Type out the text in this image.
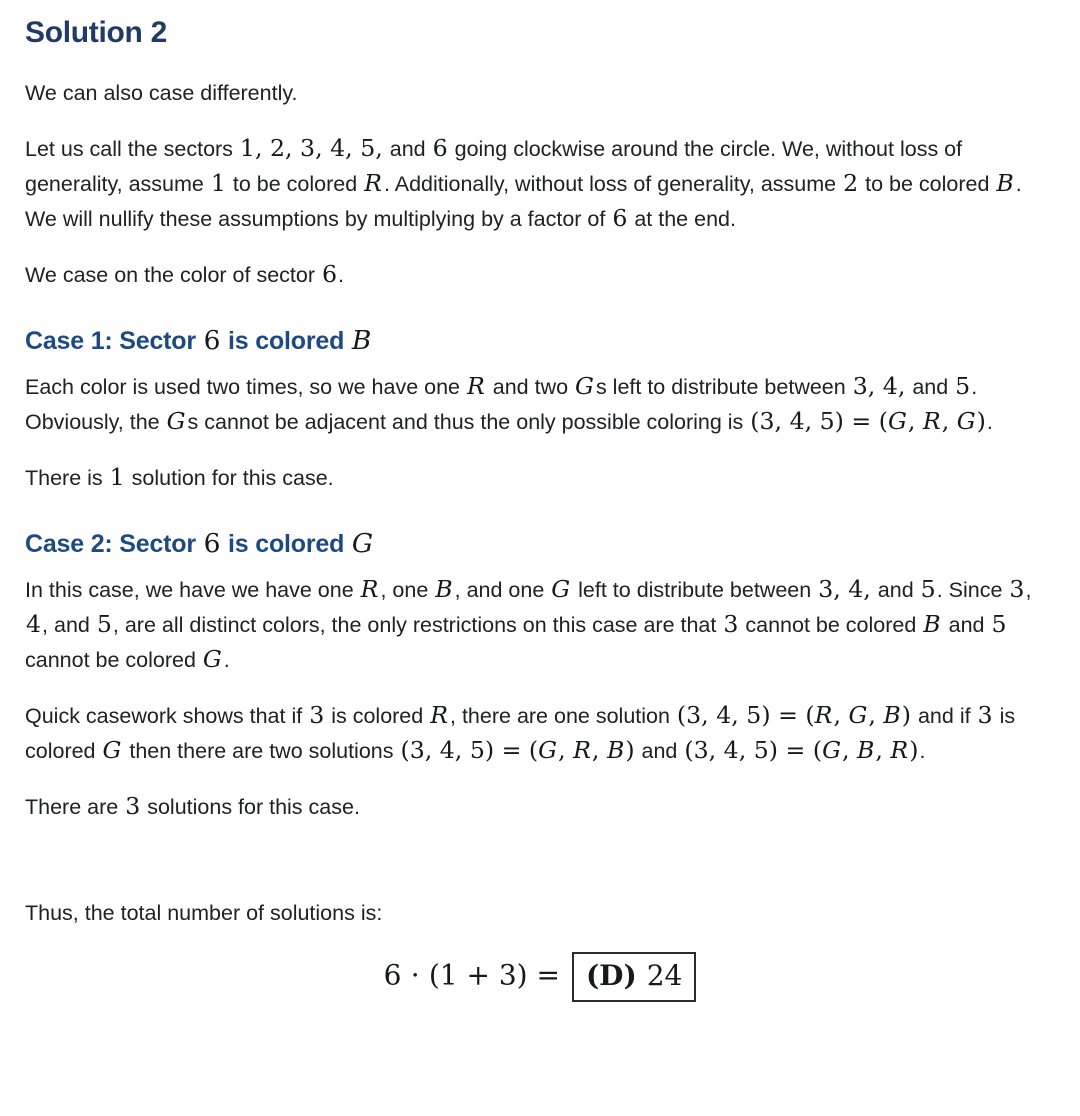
Solution 2

We can also case differently.

Let us call the sectors 1, 2, 3, 4, 5, and 6 going clockwise around the circle. We, without loss of generality, assume 1 to be colored R. Additionally, without loss of generality, assume 2 to be colored B. We will nullify these assumptions by multiplying by a factor of 6 at the end.

We case on the color of sector 6.

Case 1: Sector 6 is colored B

Each color is used two times, so we have one R and two Gs left to distribute between 3, 4, and 5. Obviously, the Gs cannot be adjacent and thus the only possible coloring is (3, 4, 5) = (G, R, G).

There is 1 solution for this case.

Case 2: Sector 6 is colored G

In this case, we have we have one R, one B, and one G left to distribute between 3, 4, and 5. Since 3, 4, and 5, are all distinct colors, the only restrictions on this case are that 3 cannot be colored B and 5 cannot be colored G.

Quick casework shows that if 3 is colored R, there are one solution (3, 4, 5) = (R, G, B) and if 3 is colored G then there are two solutions (3, 4, 5) = (G, R, B) and (3, 4, 5) = (G, B, R).

There are 3 solutions for this case.

Thus, the total number of solutions is:

6 ⋅ (1 + 3) = (D) 24
